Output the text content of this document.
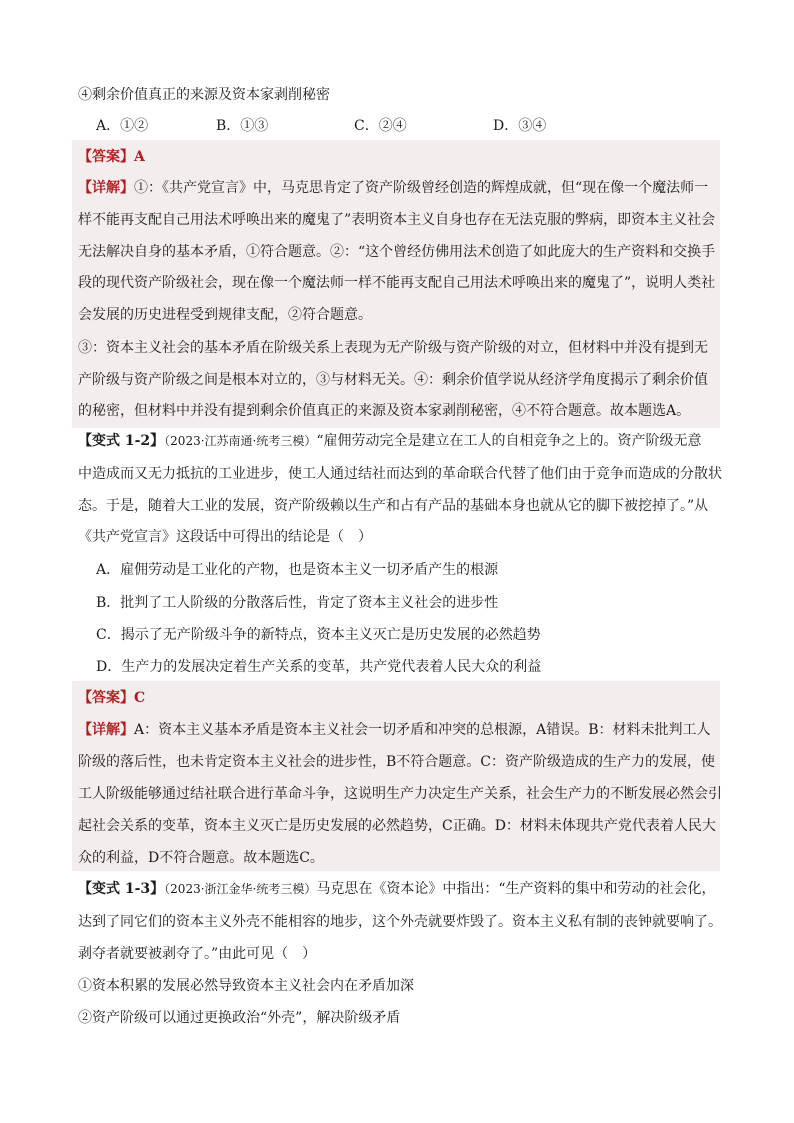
④剩余价值真正的来源及资本家剥削秘密
A．①②	B．①③	C．②④	D．③④
【答案】A
【详解】①：《共产党宣言》中，马克思肯定了资产阶级曾经创造的辉煌成就，但“现在像一个魔法师一
样不能再支配自己用法术呼唤出来的魔鬼了”表明资本主义自身也存在无法克服的弊病，即资本主义社会
无法解决自身的基本矛盾，①符合题意。②：“这个曾经仿佛用法术创造了如此庞大的生产资料和交换手
段的现代资产阶级社会，现在像一个魔法师一样不能再支配自己用法术呼唤出来的魔鬼了”，说明人类社
会发展的历史进程受到规律支配，②符合题意。
③：资本主义社会的基本矛盾在阶级关系上表现为无产阶级与资产阶级的对立，但材料中并没有提到无
产阶级与资产阶级之间是根本对立的，③与材料无关。④：剩余价值学说从经济学角度揭示了剩余价值
的秘密，但材料中并没有提到剩余价值真正的来源及资本家剥削秘密，④不符合题意。故本题选A。
【变式 1-2】（2023·江苏南通·统考三模）“雇佣劳动完全是建立在工人的自相竞争之上的。资产阶级无意
中造成而又无力抵抗的工业进步，使工人通过结社而达到的革命联合代替了他们由于竞争而造成的分散状
态。于是，随着大工业的发展，资产阶级赖以生产和占有产品的基础本身也就从它的脚下被挖掉了。”从
《共产党宣言》这段话中可得出的结论是（　）
A．雇佣劳动是工业化的产物，也是资本主义一切矛盾产生的根源
B．批判了工人阶级的分散落后性，肯定了资本主义社会的进步性
C．揭示了无产阶级斗争的新特点，资本主义灭亡是历史发展的必然趋势
D．生产力的发展决定着生产关系的变革，共产党代表着人民大众的利益
【答案】C
【详解】A：资本主义基本矛盾是资本主义社会一切矛盾和冲突的总根源，A错误。B：材料未批判工人
阶级的落后性，也未肯定资本主义社会的进步性，B不符合题意。C：资产阶级造成的生产力的发展，使
工人阶级能够通过结社联合进行革命斗争，这说明生产力决定生产关系，社会生产力的不断发展必然会引
起社会关系的变革，资本主义灭亡是历史发展的必然趋势，C正确。D：材料未体现共产党代表着人民大
众的利益，D不符合题意。故本题选C。
【变式 1-3】（2023·浙江金华·统考三模）马克思在《资本论》中指出：“生产资料的集中和劳动的社会化，
达到了同它们的资本主义外壳不能相容的地步，这个外壳就要炸毁了。资本主义私有制的丧钟就要响了。
剥夺者就要被剥夺了。”由此可见（　）
①资本积累的发展必然导致资本主义社会内在矛盾加深
②资产阶级可以通过更换政治“外壳”，解决阶级矛盾
